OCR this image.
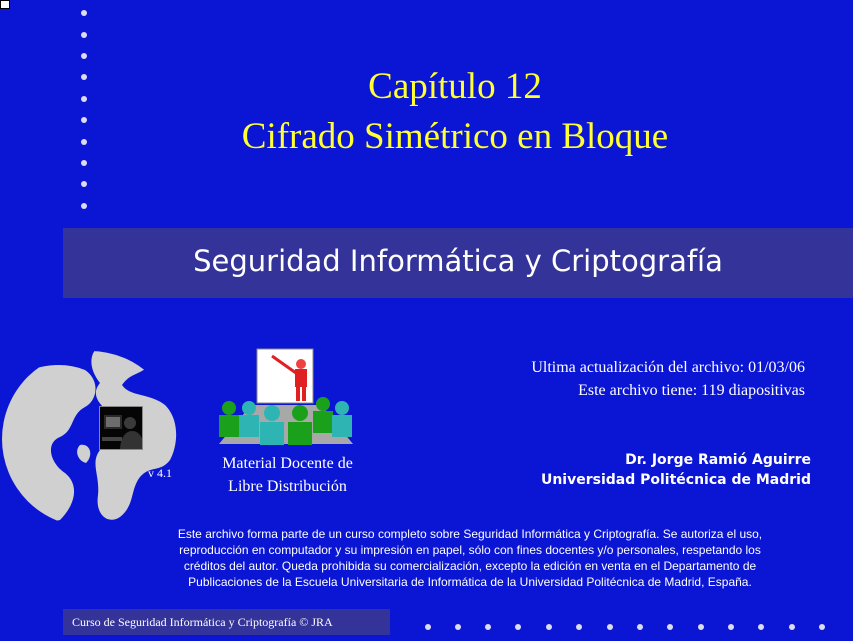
Capítulo 12
Cifrado Simétrico en Bloque
Seguridad Informática y Criptografía
v 4.1
Material Docente de
Libre Distribución
Ultima actualización del archivo: 01/03/06
Este archivo tiene: 119 diapositivas
Dr. Jorge Ramió Aguirre
Universidad Politécnica de Madrid
Este archivo forma parte de un curso completo sobre Seguridad Informática y Criptografía. Se autoriza el uso,
reproducción en computador y su impresión en papel, sólo con fines docentes y/o personales, respetando los
créditos del autor. Queda prohibida su comercialización, excepto la edición en venta en el Departamento de
Publicaciones de la Escuela Universitaria de Informática de la Universidad Politécnica de Madrid, España.
Curso de Seguridad Informática y Criptografía © JRA
